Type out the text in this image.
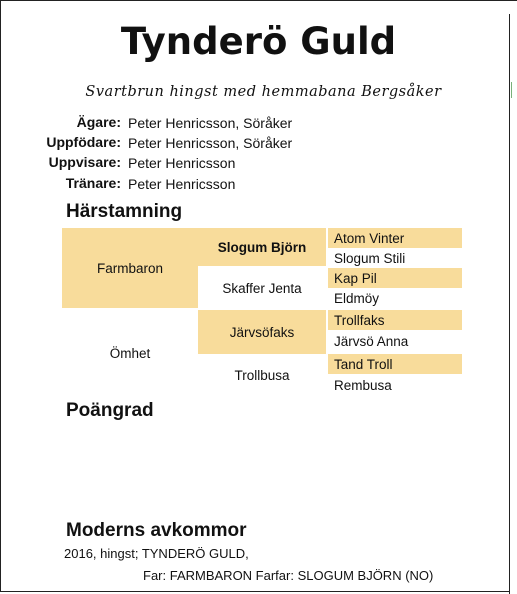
Tynderö Guld
Svartbrun hingst med hemmabana Bergsåker
Ägare: Peter Henricsson, Söråker
Uppfödare: Peter Henricsson, Söråker
Uppvisare: Peter Henricsson
Tränare: Peter Henricsson
Härstamning
Farmbaron
Ömhet
Slogum Björn
Skaffer Jenta
Järvsöfaks
Trollbusa
Atom Vinter
Slogum Stili
Kap Pil
Eldmöy
Trollfaks
Järvsö Anna
Tand Troll
Rembusa
Poängrad
Moderns avkommor
2016, hingst; TYNDERÖ GULD,
Far: FARMBARON Farfar: SLOGUM BJÖRN (NO)
